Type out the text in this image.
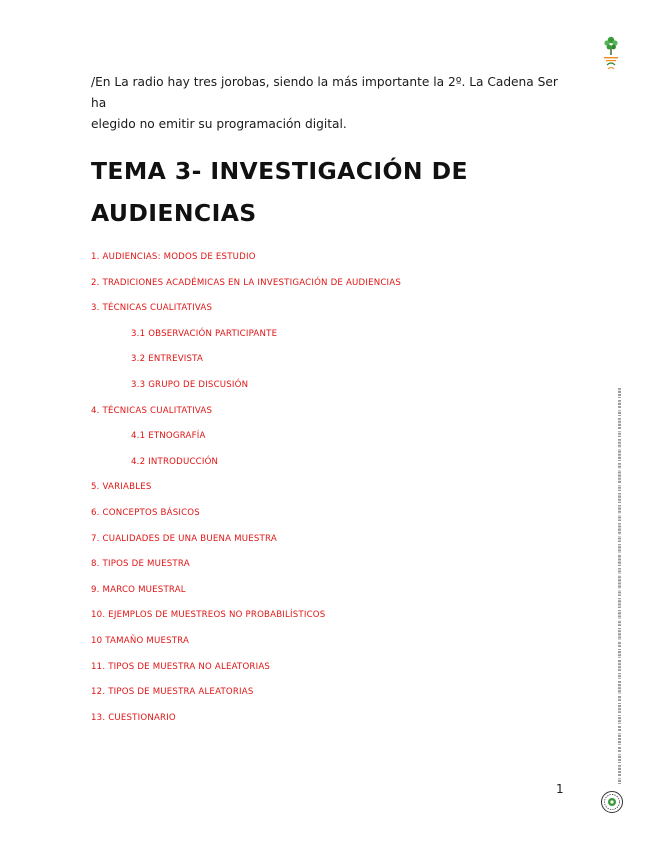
/En La radio hay tres jorobas, siendo la más importante la 2º. La Cadena Ser ha

elegido no emitir su programación digital.

TEMA 3- INVESTIGACIÓN DE
AUDIENCIAS
1. AUDIENCIAS: MODOS DE ESTUDIO
2. TRADICIONES ACADÉMICAS EN LA INVESTIGACIÓN DE AUDIENCIAS
3. TÉCNICAS CUALITATIVAS
3.1 OBSERVACIÓN PARTICIPANTE
3.2 ENTREVISTA
3.3 GRUPO DE DISCUSIÓN
4. TÉCNICAS CUALITATIVAS
4.1 ETNOGRAFÍA
4.2 INTRODUCCIÓN
5. VARIABLES
6. CONCEPTOS BÁSICOS
7. CUALIDADES DE UNA BUENA MUESTRA
8. TIPOS DE MUESTRA
9. MARCO MUESTRAL
10. EJEMPLOS DE MUESTREOS NO PROBABILÍSTICOS
10 TAMAÑO MUESTRA
11. TIPOS DE MUESTRA NO ALEATORIAS
12. TIPOS DE MUESTRA ALEATORIAS
13. CUESTIONARIO
1
ıııı ıııııııı ıııııı ıııı ıııııııı ıııı ıııııı ııııııı ıııı ııııııııı ıııı ıııııııı ıııııı ıııı ıııııııı ıııı ıııııı ııııııı ıııı ııııııııı ıııı ıııııııı ıııııı ıııı ıııııııı ıııı ıııııı ııııııı ıııı ııııııııı ıııı ıııııııı ıııııı ıııı ıııııııı ıııı ıııııı ııııııı
